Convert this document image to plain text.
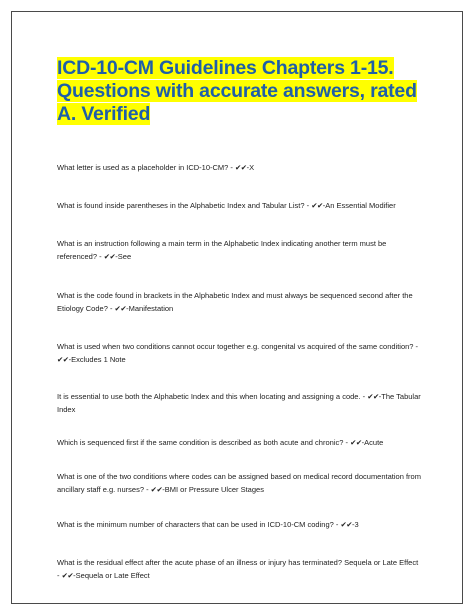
ICD-10-CM Guidelines Chapters 1-15.
Questions with accurate answers, rated
A. Verified

What letter is used as a placeholder in ICD-10-CM? - ✔✔-X

What is found inside parentheses in the Alphabetic Index and Tabular List? - ✔✔-An Essential Modifier

What is an instruction following a main term in the Alphabetic Index indicating another term must be referenced? - ✔✔-See

What is the code found in brackets in the Alphabetic Index and must always be sequenced second after the Etiology Code? - ✔✔-Manifestation

What is used when two conditions cannot occur together e.g. congenital vs acquired of the same condition? - ✔✔-Excludes 1 Note

It is essential to use both the Alphabetic Index and this when locating and assigning a code. - ✔✔-The Tabular Index

Which is sequenced first if the same condition is described as both acute and chronic? - ✔✔-Acute

What is one of the two conditions where codes can be assigned based on medical record documentation from ancillary staff e.g. nurses? - ✔✔-BMI or Pressure Ulcer Stages

What is the minimum number of characters that can be used in ICD-10-CM coding? - ✔✔-3

What is the residual effect after the acute phase of an illness or injury has terminated? Sequela or Late Effect - ✔✔-Sequela or Late Effect
